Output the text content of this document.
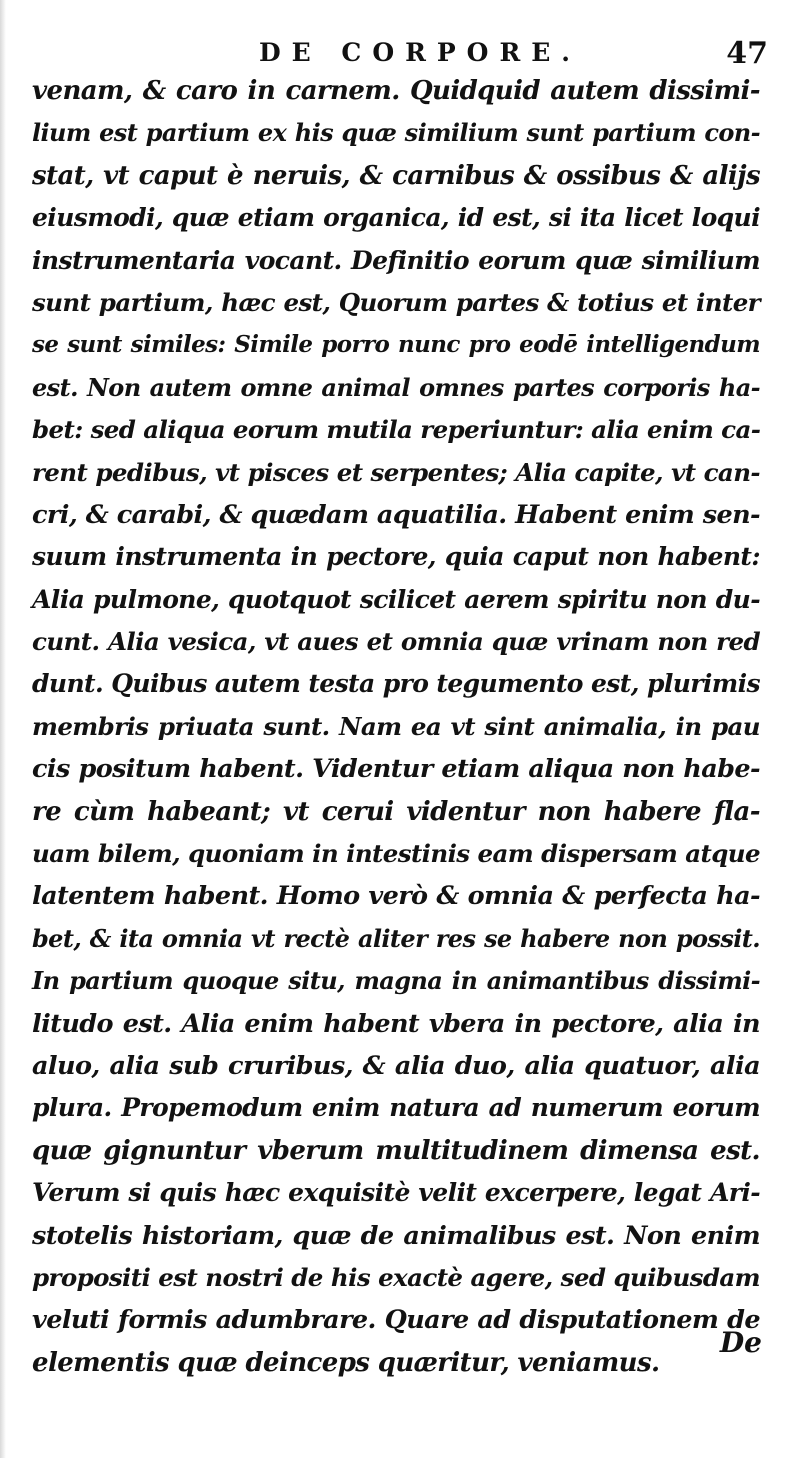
DE CORPORE.	47
venam, & caro in carnem. Quidquid autem dissimi-
lium est partium ex his quæ similium sunt partium con-
stat, vt caput è neruis, & carnibus & ossibus & alijs
eiusmodi, quæ etiam organica, id est, si ita licet loqui
instrumentaria vocant. Definitio eorum quæ similium
sunt partium, hæc est, Quorum partes & totius et inter
se sunt similes: Simile porro nunc pro eodē intelligendum
est. Non autem omne animal omnes partes corporis ha-
bet: sed aliqua eorum mutila reperiuntur: alia enim ca-
rent pedibus, vt pisces et serpentes; Alia capite, vt can-
cri, & carabi, & quædam aquatilia. Habent enim sen-
suum instrumenta in pectore, quia caput non habent:
Alia pulmone, quotquot scilicet aerem spiritu non du-
cunt. Alia vesica, vt aues et omnia quæ vrinam non red
dunt. Quibus autem testa pro tegumento est, plurimis
membris priuata sunt. Nam ea vt sint animalia, in pau
cis positum habent. Videntur etiam aliqua non habe-
re cùm habeant; vt cerui videntur non habere fla-
uam bilem, quoniam in intestinis eam dispersam atque
latentem habent. Homo verò & omnia & perfecta ha-
bet, & ita omnia vt rectè aliter res se habere non possit.
In partium quoque situ, magna in animantibus dissimi-
litudo est. Alia enim habent vbera in pectore, alia in
aluo, alia sub cruribus, & alia duo, alia quatuor, alia
plura. Propemodum enim natura ad numerum eorum
quæ gignuntur vberum multitudinem dimensa est.
Verum si quis hæc exquisitè velit excerpere, legat Ari-
stotelis historiam, quæ de animalibus est. Non enim
propositi est nostri de his exactè agere, sed quibusdam
veluti formis adumbrare. Quare ad disputationem de
elementis quæ deinceps quæritur, veniamus.
De
